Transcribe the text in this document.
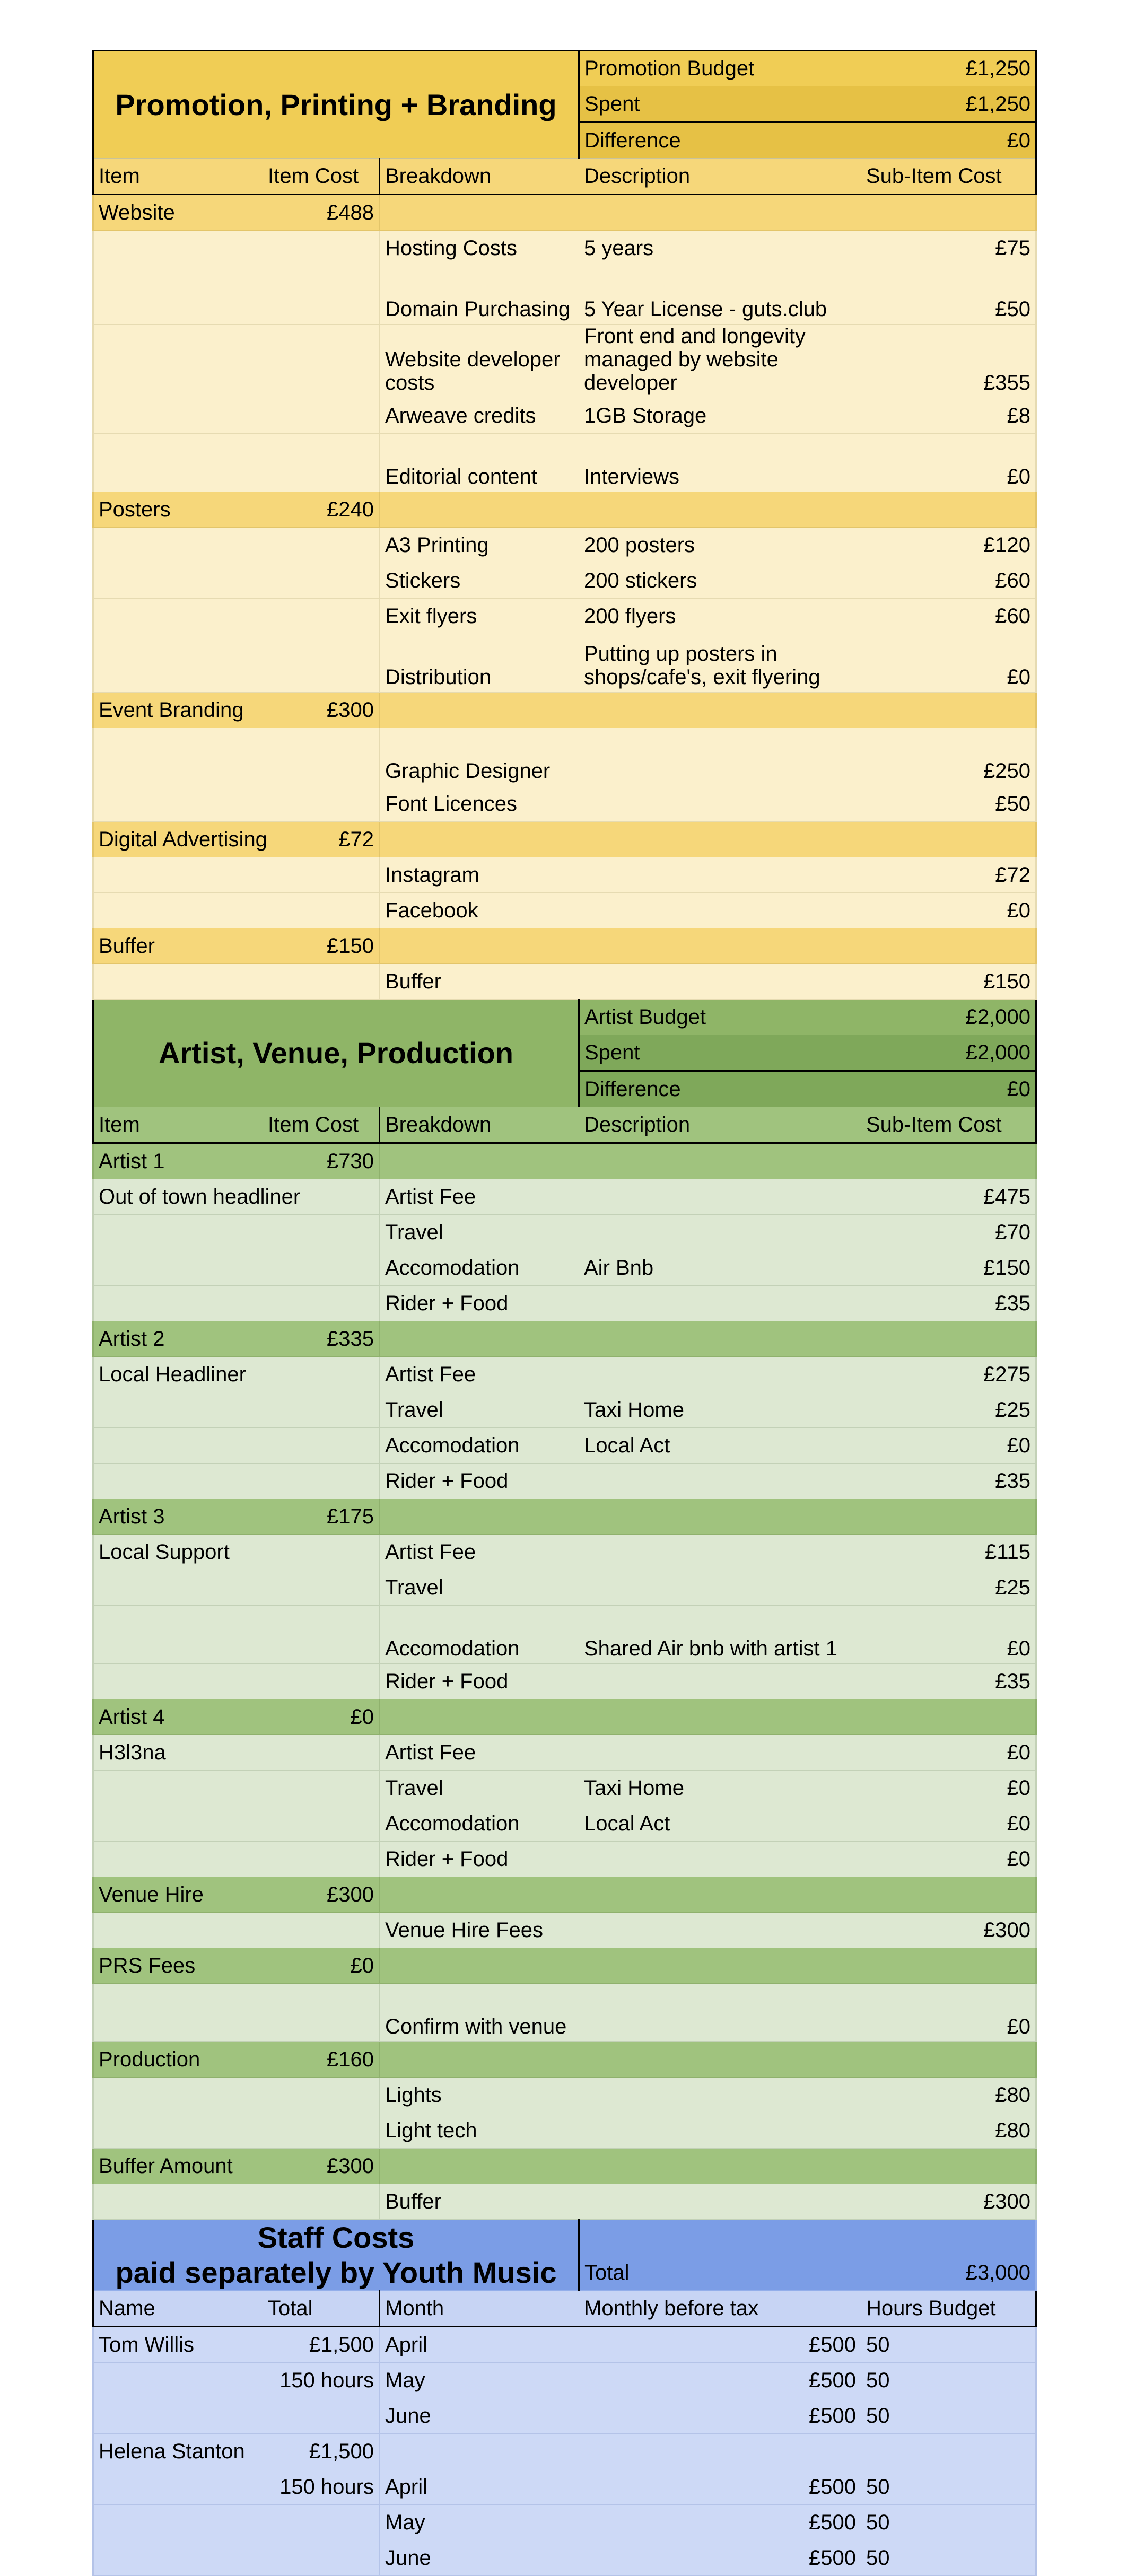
Promotion, Printing + Branding			Promotion Budget	£1,250
			Spent	£1,250
			Difference	£0
Item	Item Cost	Breakdown	Description	Sub-Item Cost
Website	£488			
		Hosting Costs	5 years	£75
		Domain Purchasing	5 Year License - guts.club	£50
		Website developer costs	Front end and longevity managed by website developer	£355
		Arweave credits	1GB Storage	£8
		Editorial content	Interviews	£0
Posters	£240			
		A3 Printing	200 posters	£120
		Stickers	200 stickers	£60
		Exit flyers	200 flyers	£60
		Distribution	Putting up posters in shops/cafe's, exit flyering	£0
Event Branding	£300			
		Graphic Designer		£250
		Font Licences		£50
Digital Advertising	£72			
		Instagram		£72
		Facebook		£0
Buffer	£150			
		Buffer		£150
Artist, Venue, Production			Artist Budget	£2,000
			Spent	£2,000
			Difference	£0
Item	Item Cost	Breakdown	Description	Sub-Item Cost
Artist 1	£730			
Out of town headliner		Artist Fee		£475
		Travel		£70
		Accomodation	Air Bnb	£150
		Rider + Food		£35
Artist 2	£335			
Local Headliner		Artist Fee		£275
		Travel	Taxi Home	£25
		Accomodation	Local Act	£0
		Rider + Food		£35
Artist 3	£175			
Local Support		Artist Fee		£115
		Travel		£25
		Accomodation	Shared Air bnb with artist 1	£0
		Rider + Food		£35
Artist 4	£0			
H3l3na		Artist Fee		£0
		Travel	Taxi Home	£0
		Accomodation	Local Act	£0
		Rider + Food		£0
Venue Hire	£300			
		Venue Hire Fees		£300
PRS Fees	£0			
		Confirm with venue		£0
Production	£160			
		Lights		£80
		Light tech		£80
Buffer Amount	£300			
		Buffer		£300

Staff Costs
paid separately by Youth Music				

			Total	£3,000
Name	Total	Month	Monthly before tax	Hours Budget
Tom Willis	£1,500	April	£500	50
	150 hours	May	£500	50
		June	£500	50
Helena Stanton	£1,500			
	150 hours	April	£500	50
		May	£500	50
		June	£500	50
